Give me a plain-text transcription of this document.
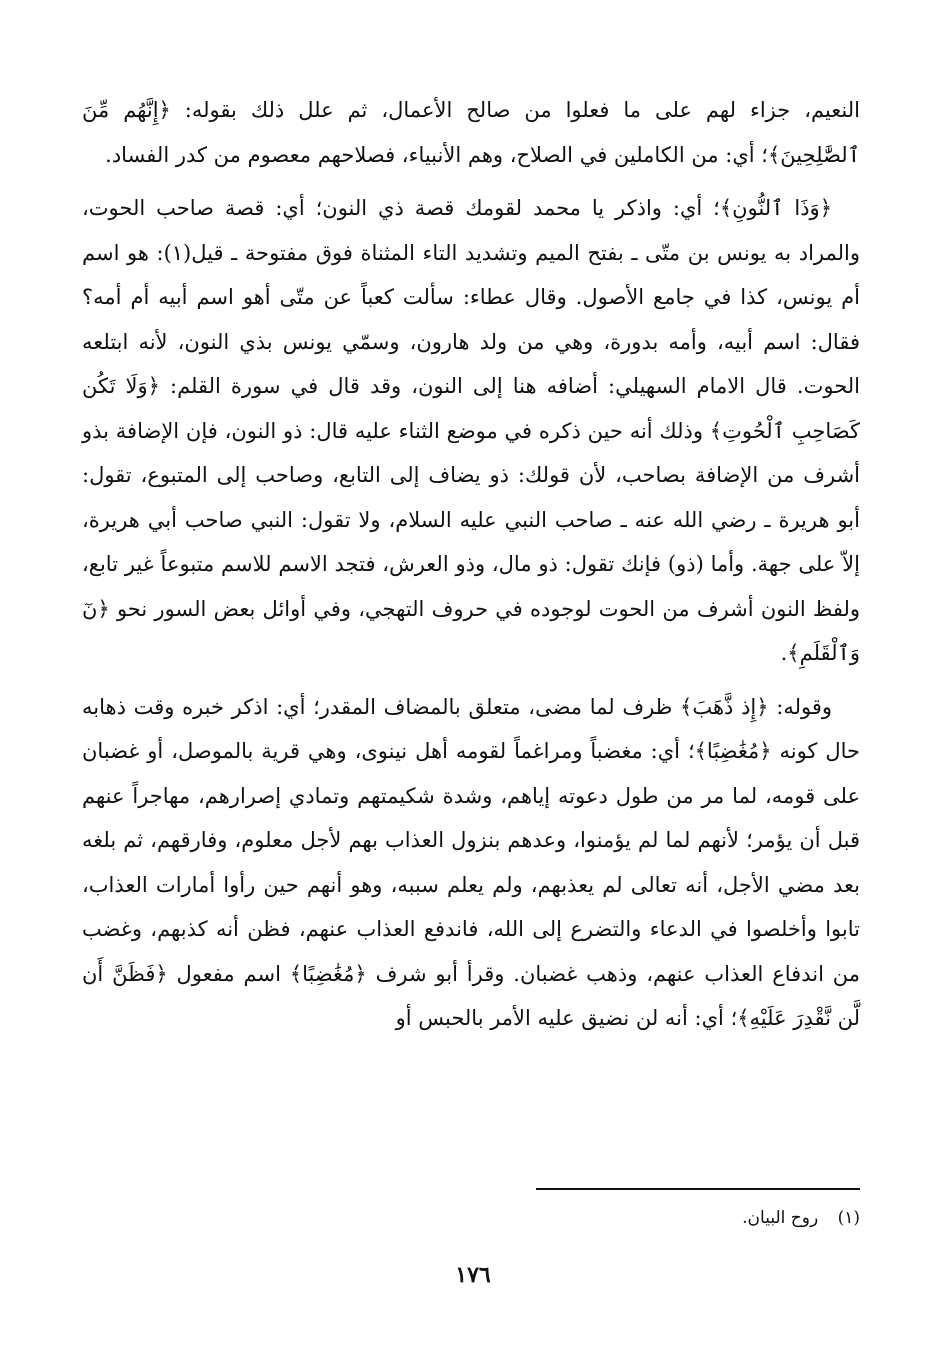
النعيم، جزاء لهم على ما فعلوا من صالح الأعمال، ثم علل ذلك بقوله: ﴿إِنَّهُم مِّنَ ٱلصَّٰلِحِينَ﴾؛ أي: من الكاملين في الصلاح، وهم الأنبياء، فصلاحهم معصوم من كدر الفساد.

﴿وَذَا ٱلنُّونِ﴾؛ أي: واذكر يا محمد لقومك قصة ذي النون؛ أي: قصة صاحب الحوت، والمراد به يونس بن متّى ـ بفتح الميم وتشديد التاء المثناة فوق مفتوحة ـ قيل(١): هو اسم أم يونس، كذا في جامع الأصول. وقال عطاء: سألت كعباً عن متّى أهو اسم أبيه أم أمه؟ فقال: اسم أبيه، وأمه بدورة، وهي من ولد هارون، وسمّي يونس بذي النون، لأنه ابتلعه الحوت. قال الامام السهيلي: أضافه هنا إلى النون، وقد قال في سورة القلم: ﴿وَلَا تَكُن كَصَاحِبِ ٱلْحُوتِ﴾ وذلك أنه حين ذكره في موضع الثناء عليه قال: ذو النون، فإن الإضافة بذو أشرف من الإضافة بصاحب، لأن قولك: ذو يضاف إلى التابع، وصاحب إلى المتبوع، تقول: أبو هريرة ـ رضي الله عنه ـ صاحب النبي عليه السلام، ولا تقول: النبي صاحب أبي هريرة، إلاّ على جهة. وأما (ذو) فإنك تقول: ذو مال، وذو العرش، فتجد الاسم للاسم متبوعاً غير تابع، ولفظ النون أشرف من الحوت لوجوده في حروف التهجي، وفي أوائل بعض السور نحو ﴿نٓ وَٱلْقَلَمِ﴾.

وقوله: ﴿إِذ ذَّهَبَ﴾ ظرف لما مضى، متعلق بالمضاف المقدر؛ أي: اذكر خبره وقت ذهابه حال كونه ﴿مُغَٰضِبًا﴾؛ أي: مغضباً ومراغماً لقومه أهل نينوى، وهي قرية بالموصل، أو غضبان على قومه، لما مر من طول دعوته إياهم، وشدة شكيمتهم وتمادي إصرارهم، مهاجراً عنهم قبل أن يؤمر؛ لأنهم لما لم يؤمنوا، وعدهم بنزول العذاب بهم لأجل معلوم، وفارقهم، ثم بلغه بعد مضي الأجل، أنه تعالى لم يعذبهم، ولم يعلم سببه، وهو أنهم حين رأوا أمارات العذاب، تابوا وأخلصوا في الدعاء والتضرع إلى الله، فاندفع العذاب عنهم، فظن أنه كذبهم، وغضب من اندفاع العذاب عنهم، وذهب غضبان. وقرأ أبو شرف ﴿مُغَٰضِبًا﴾ اسم مفعول ﴿فَظَنَّ أَن لَّن نَّقْدِرَ عَلَيْهِ﴾؛ أي: أنه لن نضيق عليه الأمر بالحبس أو

(١) روح البيان.
١٧٦
